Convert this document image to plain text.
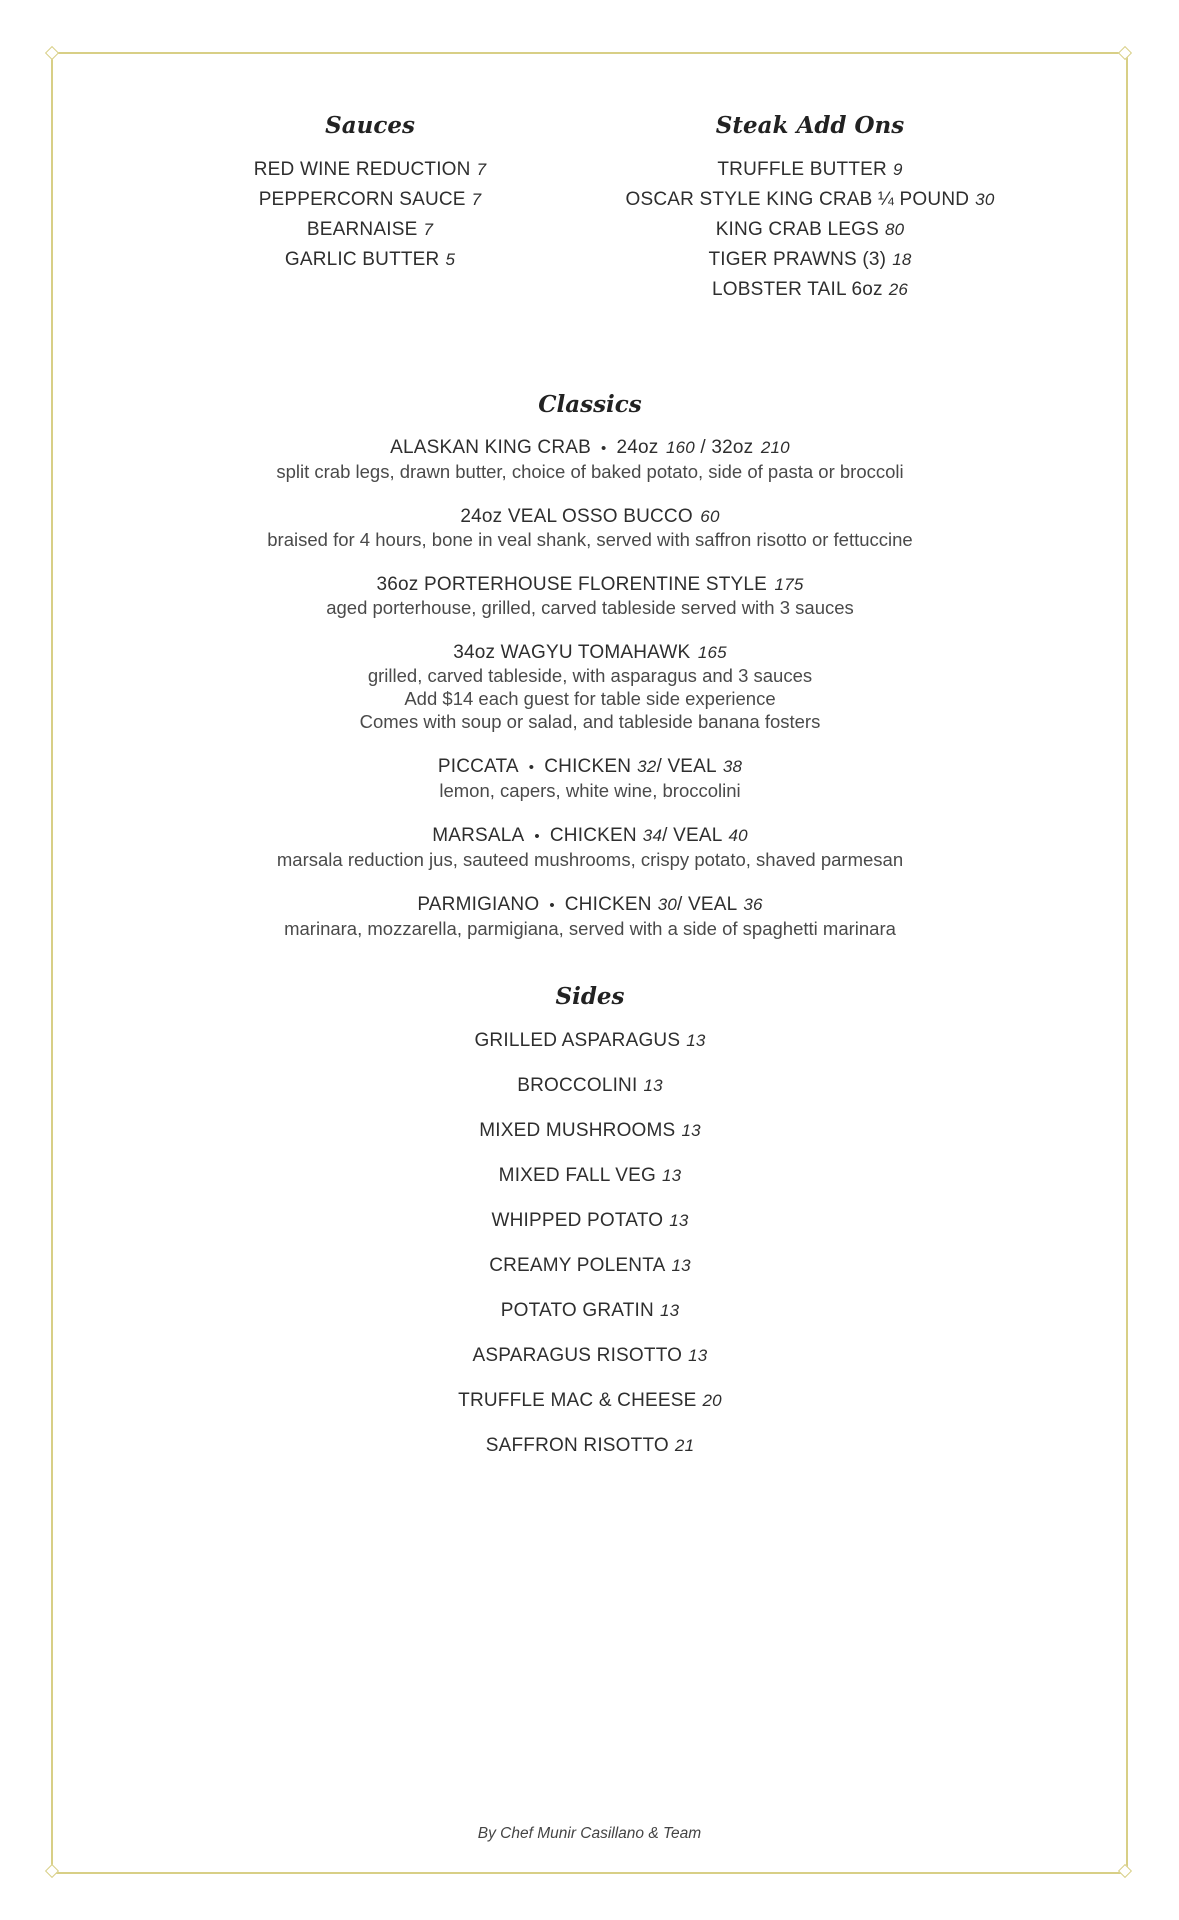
Sauces
RED WINE REDUCTION 7
PEPPERCORN SAUCE 7
BEARNAISE 7
GARLIC BUTTER 5
Steak Add Ons
TRUFFLE BUTTER 9
OSCAR STYLE KING CRAB ¼ POUND 30
KING CRAB LEGS 80
TIGER PRAWNS (3) 18
LOBSTER TAIL 6oz 26
Classics
ALASKAN KING CRAB • 24oz 160 / 32oz 210
split crab legs, drawn butter, choice of baked potato, side of pasta or broccoli
24oz VEAL OSSO BUCCO 60
braised for 4 hours, bone in veal shank, served with saffron risotto or fettuccine
36oz PORTERHOUSE FLORENTINE STYLE 175
aged porterhouse, grilled, carved tableside served with 3 sauces
34oz WAGYU TOMAHAWK 165
grilled, carved tableside, with asparagus and 3 sauces
Add $14 each guest for table side experience
Comes with soup or salad, and tableside banana fosters
PICCATA • CHICKEN 32/ VEAL 38
lemon, capers, white wine, broccolini
MARSALA • CHICKEN 34/ VEAL 40
marsala reduction jus, sauteed mushrooms, crispy potato, shaved parmesan
PARMIGIANO • CHICKEN 30/ VEAL 36
marinara, mozzarella, parmigiana, served with a side of spaghetti marinara
Sides
GRILLED ASPARAGUS 13
BROCCOLINI 13
MIXED MUSHROOMS 13
MIXED FALL VEG 13
WHIPPED POTATO 13
CREAMY POLENTA 13
POTATO GRATIN 13
ASPARAGUS RISOTTO 13
TRUFFLE MAC & CHEESE 20
SAFFRON RISOTTO 21
By Chef Munir Casillano & Team
